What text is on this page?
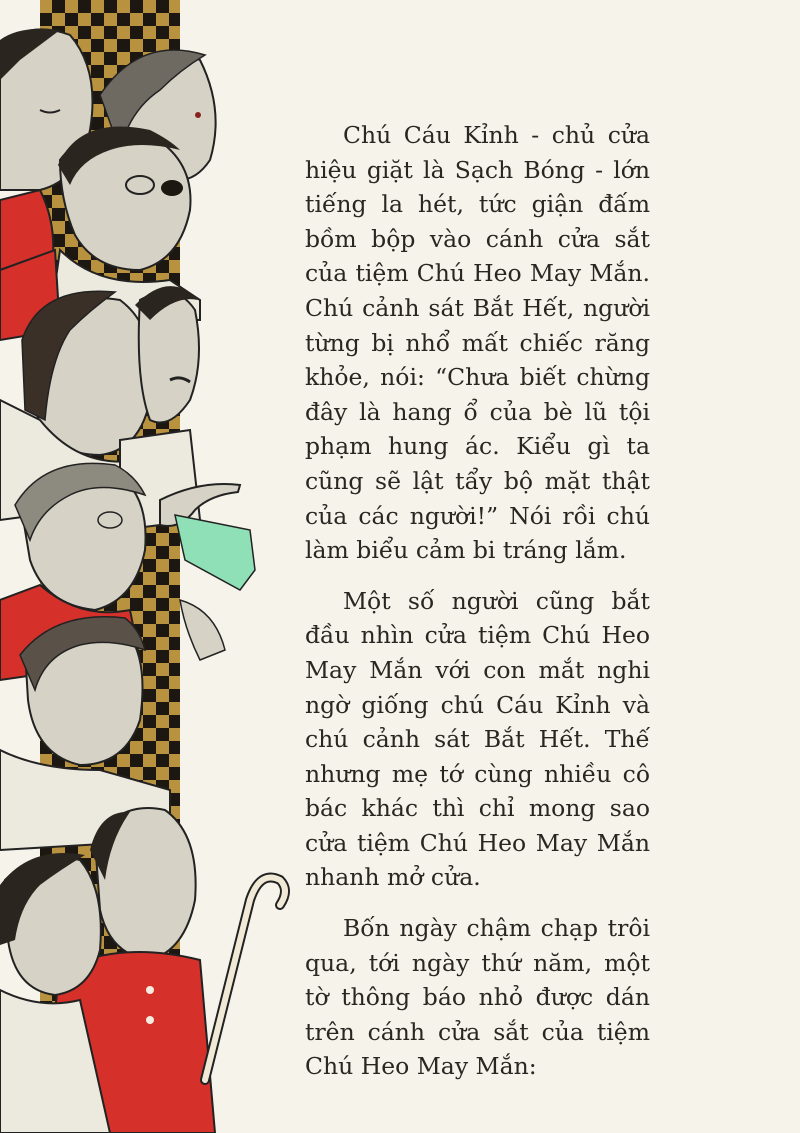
Chú Cáu Kỉnh - chủ cửa hiệu giặt là Sạch Bóng - lớn tiếng la hét, tức giận đấm bồm bộp vào cánh cửa sắt của tiệm Chú Heo May Mắn. Chú cảnh sát Bắt Hết, người từng bị nhổ mất chiếc răng khỏe, nói: “Chưa biết chừng đây là hang ổ của bè lũ tội phạm hung ác. Kiểu gì ta cũng sẽ lật tẩy bộ mặt thật của các người!” Nói rồi chú làm biểu cảm bi tráng lắm.

Một số người cũng bắt đầu nhìn cửa tiệm Chú Heo May Mắn với con mắt nghi ngờ giống chú Cáu Kỉnh và chú cảnh sát Bắt Hết. Thế nhưng mẹ tớ cùng nhiều cô bác khác thì chỉ mong sao cửa tiệm Chú Heo May Mắn nhanh mở cửa.

Bốn ngày chậm chạp trôi qua, tới ngày thứ năm, một tờ thông báo nhỏ được dán trên cánh cửa sắt của tiệm Chú Heo May Mắn:
